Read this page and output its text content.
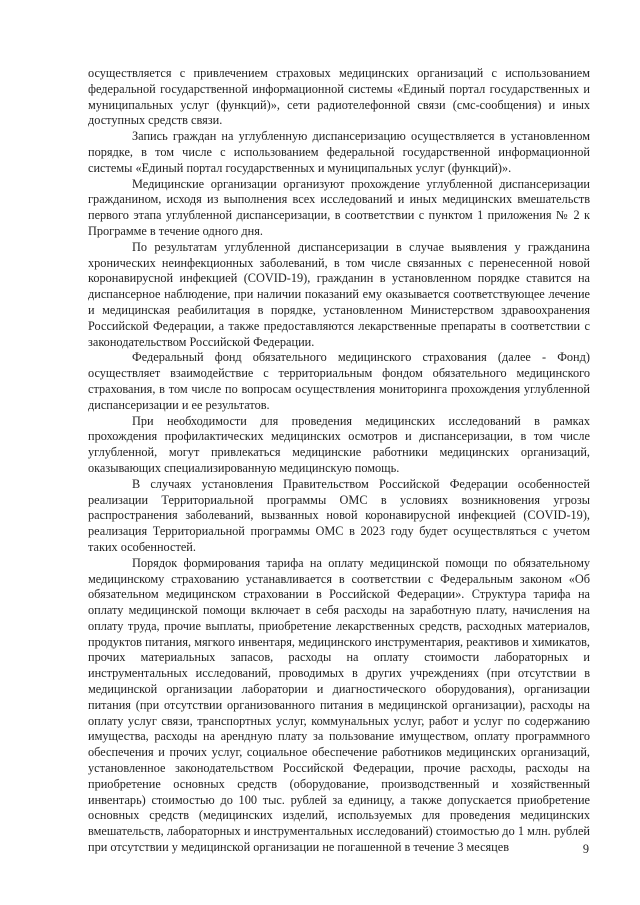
осуществляется с привлечением страховых медицинских организаций с использованием федеральной государственной информационной системы «Единый портал государственных и муниципальных услуг (функций)», сети радиотелефонной связи (смс-сообщения) и иных доступных средств связи.

Запись граждан на углубленную диспансеризацию осуществляется в установленном порядке, в том числе с использованием федеральной государственной информационной системы «Единый портал государственных и муниципальных услуг (функций)».

Медицинские организации организуют прохождение углубленной диспансеризации гражданином, исходя из выполнения всех исследований и иных медицинских вмешательств первого этапа углубленной диспансеризации, в соответствии с пунктом 1 приложения № 2 к Программе в течение одного дня.

По результатам углубленной диспансеризации в случае выявления у гражданина хронических неинфекционных заболеваний, в том числе связанных с перенесенной новой коронавирусной инфекцией (COVID-19), гражданин в установленном порядке ставится на диспансерное наблюдение, при наличии показаний ему оказывается соответствующее лечение и медицинская реабилитация в порядке, установленном Министерством здравоохранения Российской Федерации, а также предоставляются лекарственные препараты в соответствии с законодательством Российской Федерации.

Федеральный фонд обязательного медицинского страхования (далее - Фонд) осуществляет взаимодействие с территориальным фондом обязательного медицинского страхования, в том числе по вопросам осуществления мониторинга прохождения углубленной диспансеризации и ее результатов.

При необходимости для проведения медицинских исследований в рамках прохождения профилактических медицинских осмотров и диспансеризации, в том числе углубленной, могут привлекаться медицинские работники медицинских организаций, оказывающих специализированную медицинскую помощь.

В случаях установления Правительством Российской Федерации особенностей реализации Территориальной программы ОМС в условиях возникновения угрозы распространения заболеваний, вызванных новой коронавирусной инфекцией (COVID-19), реализация Территориальной программы ОМС в 2023 году будет осуществляться с учетом таких особенностей.

Порядок формирования тарифа на оплату медицинской помощи по обязательному медицинскому страхованию устанавливается в соответствии с Федеральным законом «Об обязательном медицинском страховании в Российской Федерации». Структура тарифа на оплату медицинской помощи включает в себя расходы на заработную плату, начисления на оплату труда, прочие выплаты, приобретение лекарственных средств, расходных материалов, продуктов питания, мягкого инвентаря, медицинского инструментария, реактивов и химикатов, прочих материальных запасов, расходы на оплату стоимости лабораторных и инструментальных исследований, проводимых в других учреждениях (при отсутствии в медицинской организации лаборатории и диагностического оборудования), организации питания (при отсутствии организованного питания в медицинской организации), расходы на оплату услуг связи, транспортных услуг, коммунальных услуг, работ и услуг по содержанию имущества, расходы на арендную плату за пользование имуществом, оплату программного обеспечения и прочих услуг, социальное обеспечение работников медицинских организаций, установленное законодательством Российской Федерации, прочие расходы, расходы на приобретение основных средств (оборудование, производственный и хозяйственный инвентарь) стоимостью до 100 тыс. рублей за единицу, а также допускается приобретение основных средств (медицинских изделий, используемых для проведения медицинских вмешательств, лабораторных и инструментальных исследований) стоимостью до 1 млн. рублей при отсутствии у медицинской организации не погашенной в течение 3 месяцев	9
